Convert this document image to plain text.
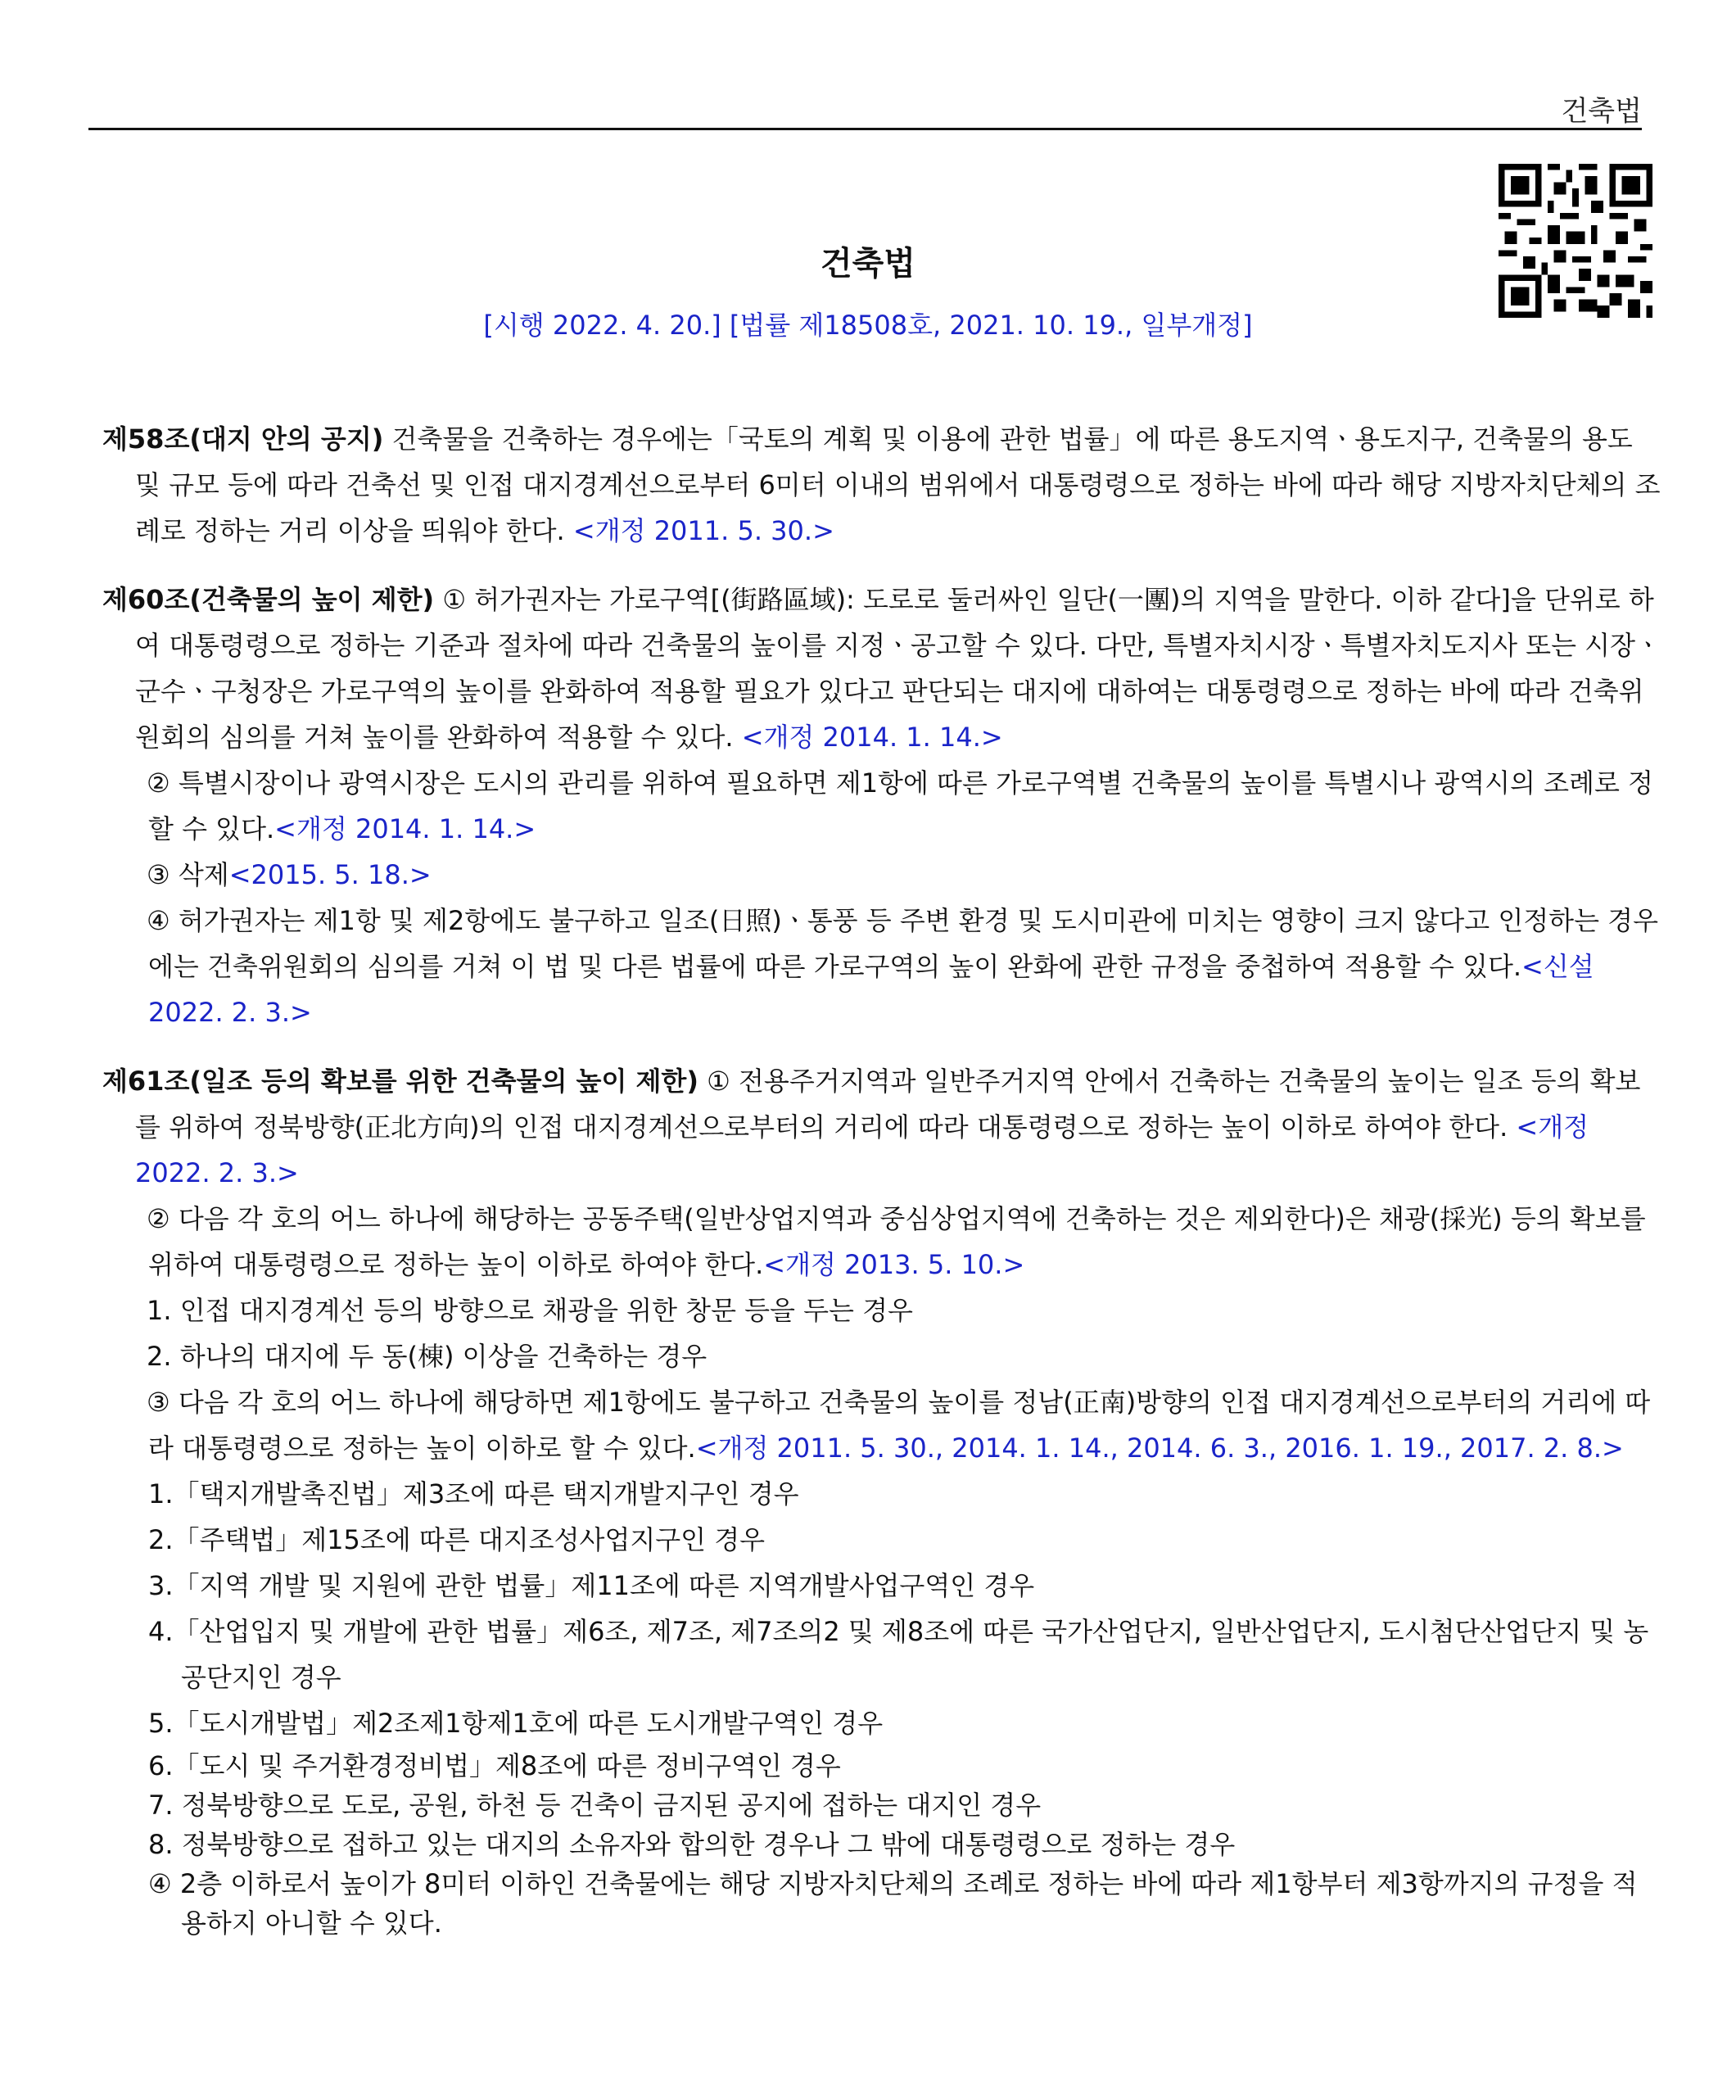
건축법
건축법
[시행 2022. 4. 20.] [법률 제18508호, 2021. 10. 19., 일부개정]
제58조(대지 안의 공지) 건축물을 건축하는 경우에는「국토의 계획 및 이용에 관한 법률」에 따른 용도지역ㆍ용도지구, 건축물의 용도 및 규모 등에 따라 건축선 및 인접 대지경계선으로부터 6미터 이내의 범위에서 대통령령으로 정하는 바에 따라 해당 지방자치단체의 조례로 정하는 거리 이상을 띄워야 한다. <개정 2011. 5. 30.>
제60조(건축물의 높이 제한) ① 허가권자는 가로구역[(街路區域): 도로로 둘러싸인 일단(一團)의 지역을 말한다. 이하 같다]을 단위로 하여 대통령령으로 정하는 기준과 절차에 따라 건축물의 높이를 지정ㆍ공고할 수 있다. 다만, 특별자치시장ㆍ특별자치도지사 또는 시장ㆍ군수ㆍ구청장은 가로구역의 높이를 완화하여 적용할 필요가 있다고 판단되는 대지에 대하여는 대통령령으로 정하는 바에 따라 건축위원회의 심의를 거쳐 높이를 완화하여 적용할 수 있다. <개정 2014. 1. 14.>
② 특별시장이나 광역시장은 도시의 관리를 위하여 필요하면 제1항에 따른 가로구역별 건축물의 높이를 특별시나 광역시의 조례로 정할 수 있다.<개정 2014. 1. 14.>
③ 삭제<2015. 5. 18.>
④ 허가권자는 제1항 및 제2항에도 불구하고 일조(日照)ㆍ통풍 등 주변 환경 및 도시미관에 미치는 영향이 크지 않다고 인정하는 경우에는 건축위원회의 심의를 거쳐 이 법 및 다른 법률에 따른 가로구역의 높이 완화에 관한 규정을 중첩하여 적용할 수 있다.<신설 2022. 2. 3.>
제61조(일조 등의 확보를 위한 건축물의 높이 제한) ① 전용주거지역과 일반주거지역 안에서 건축하는 건축물의 높이는 일조 등의 확보를 위하여 정북방향(正北方向)의 인접 대지경계선으로부터의 거리에 따라 대통령령으로 정하는 높이 이하로 하여야 한다. <개정 2022. 2. 3.>
② 다음 각 호의 어느 하나에 해당하는 공동주택(일반상업지역과 중심상업지역에 건축하는 것은 제외한다)은 채광(採光) 등의 확보를 위하여 대통령령으로 정하는 높이 이하로 하여야 한다.<개정 2013. 5. 10.>
1. 인접 대지경계선 등의 방향으로 채광을 위한 창문 등을 두는 경우
2. 하나의 대지에 두 동(棟) 이상을 건축하는 경우
③ 다음 각 호의 어느 하나에 해당하면 제1항에도 불구하고 건축물의 높이를 정남(正南)방향의 인접 대지경계선으로부터의 거리에 따라 대통령령으로 정하는 높이 이하로 할 수 있다.<개정 2011. 5. 30., 2014. 1. 14., 2014. 6. 3., 2016. 1. 19., 2017. 2. 8.>
1.「택지개발촉진법」제3조에 따른 택지개발지구인 경우
2.「주택법」제15조에 따른 대지조성사업지구인 경우
3.「지역 개발 및 지원에 관한 법률」제11조에 따른 지역개발사업구역인 경우
4.「산업입지 및 개발에 관한 법률」제6조, 제7조, 제7조의2 및 제8조에 따른 국가산업단지, 일반산업단지, 도시첨단산업단지 및 농공단지인 경우
5.「도시개발법」제2조제1항제1호에 따른 도시개발구역인 경우
6.「도시 및 주거환경정비법」제8조에 따른 정비구역인 경우
7. 정북방향으로 도로, 공원, 하천 등 건축이 금지된 공지에 접하는 대지인 경우
8. 정북방향으로 접하고 있는 대지의 소유자와 합의한 경우나 그 밖에 대통령령으로 정하는 경우
④ 2층 이하로서 높이가 8미터 이하인 건축물에는 해당 지방자치단체의 조례로 정하는 바에 따라 제1항부터 제3항까지의 규정을 적용하지 아니할 수 있다.
